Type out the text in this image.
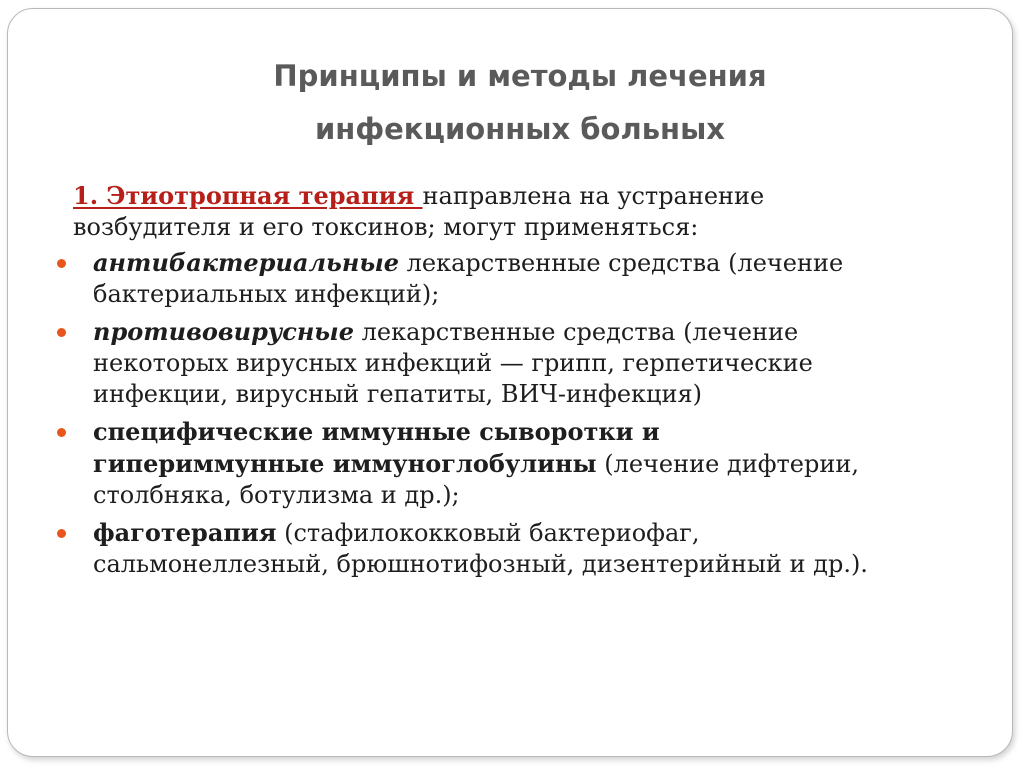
Принципы и методы лечения
инфекционных больных

1. Этиотропная терапия направлена на устранение возбудителя и его токсинов; могут применяться:

антибактериальные лекарственные средства (лечение бактериальных инфекций);
противовирусные лекарственные средства (лечение некоторых вирусных инфекций — грипп, герпетические инфекции, вирусный гепатиты, ВИЧ-инфекция)
специфические иммунные сыворотки и гипериммунные иммуноглобулины (лечение дифтерии, столбняка, ботулизма и др.);
фаготерапия (стафилококковый бактериофаг, сальмонеллезный, брюшнотифозный, дизентерийный и др.).
